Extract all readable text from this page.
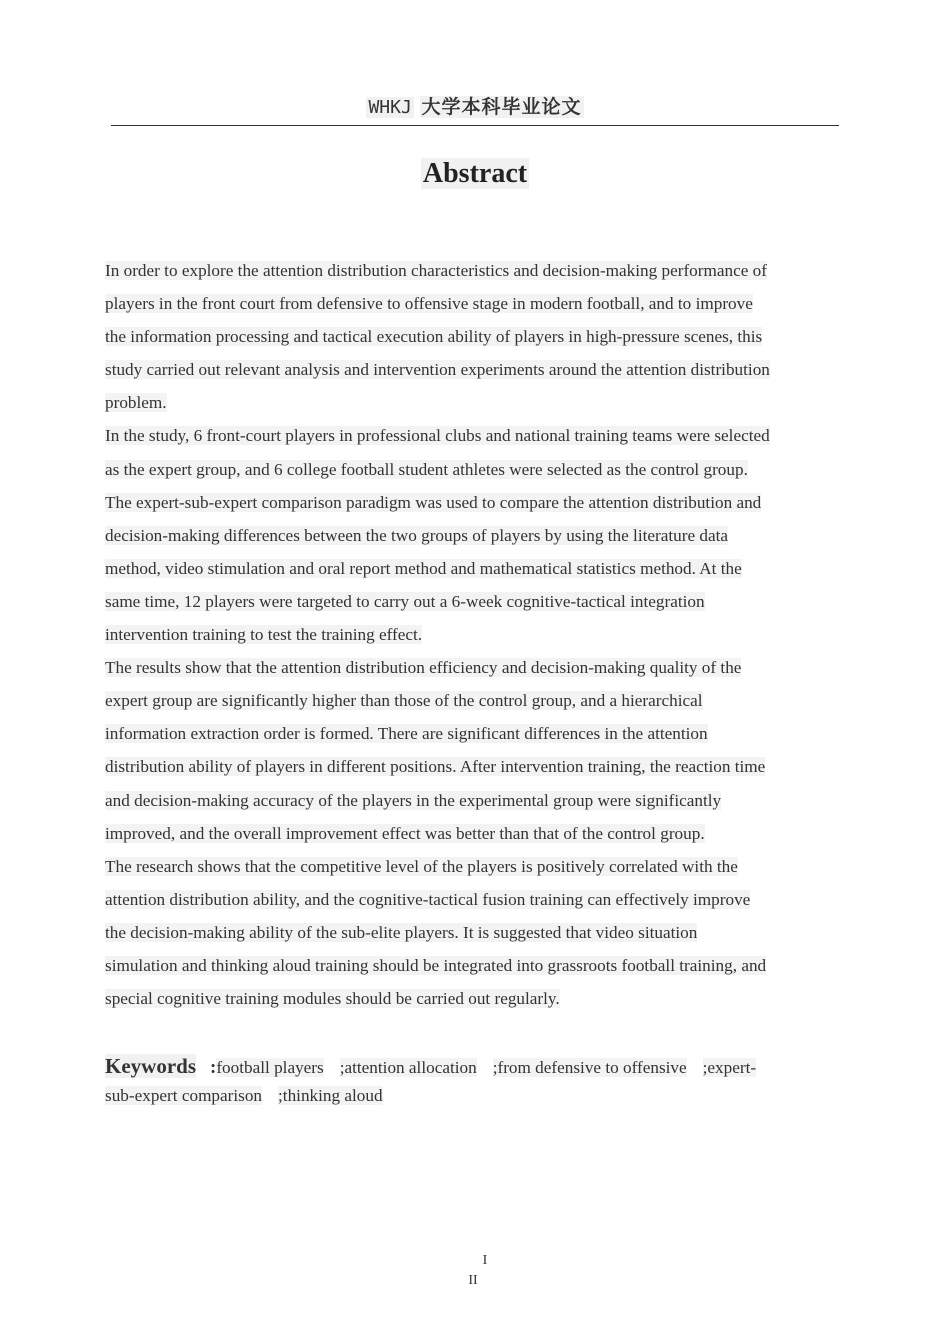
WHKJ 大学本科毕业论文
Abstract
In order to explore the attention distribution characteristics and decision-making performance of
players in the front court from defensive to offensive stage in modern football, and to improve
the information processing and tactical execution ability of players in high-pressure scenes, this
study carried out relevant analysis and intervention experiments around the attention distribution
problem.
In the study, 6 front-court players in professional clubs and national training teams were selected
as the expert group, and 6 college football student athletes were selected as the control group.
The expert-sub-expert comparison paradigm was used to compare the attention distribution and
decision-making differences between the two groups of players by using the literature data
method, video stimulation and oral report method and mathematical statistics method. At the
same time, 12 players were targeted to carry out a 6-week cognitive-tactical integration
intervention training to test the training effect.
The results show that the attention distribution efficiency and decision-making quality of the
expert group are significantly higher than those of the control group, and a hierarchical
information extraction order is formed. There are significant differences in the attention
distribution ability of players in different positions. After intervention training, the reaction time
and decision-making accuracy of the players in the experimental group were significantly
improved, and the overall improvement effect was better than that of the control group.
The research shows that the competitive level of the players is positively correlated with the
attention distribution ability, and the cognitive-tactical fusion training can effectively improve
the decision-making ability of the sub-elite players. It is suggested that video situation
simulation and thinking aloud training should be integrated into grassroots football training, and
special cognitive training modules should be carried out regularly.
Keywords :football players ;attention allocation ;from defensive to offensive ;expert-
sub-expert comparison ;thinking aloud
I
II
